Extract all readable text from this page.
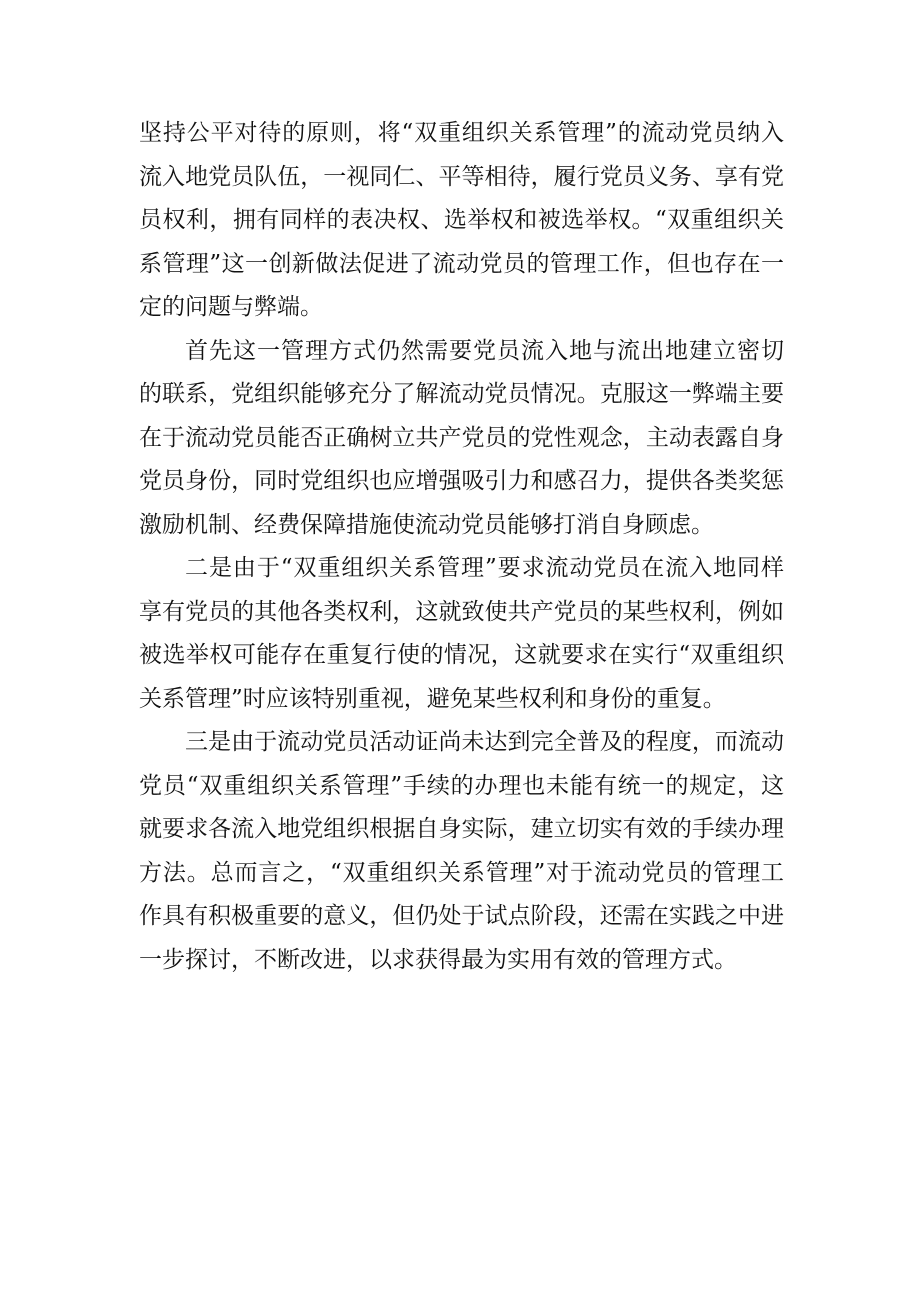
坚持公平对待的原则，将“双重组织关系管理”的流动党员纳入
流入地党员队伍，一视同仁、平等相待，履行党员义务、享有党
员权利，拥有同样的表决权、选举权和被选举权。“双重组织关
系管理”这一创新做法促进了流动党员的管理工作，但也存在一
定的问题与弊端。

首先这一管理方式仍然需要党员流入地与流出地建立密切
的联系，党组织能够充分了解流动党员情况。克服这一弊端主要
在于流动党员能否正确树立共产党员的党性观念，主动表露自身
党员身份，同时党组织也应增强吸引力和感召力，提供各类奖惩
激励机制、经费保障措施使流动党员能够打消自身顾虑。

二是由于“双重组织关系管理”要求流动党员在流入地同样
享有党员的其他各类权利，这就致使共产党员的某些权利，例如
被选举权可能存在重复行使的情况，这就要求在实行“双重组织
关系管理”时应该特别重视，避免某些权利和身份的重复。

三是由于流动党员活动证尚未达到完全普及的程度，而流动
党员“双重组织关系管理”手续的办理也未能有统一的规定，这
就要求各流入地党组织根据自身实际，建立切实有效的手续办理
方法。总而言之，“双重组织关系管理”对于流动党员的管理工
作具有积极重要的意义，但仍处于试点阶段，还需在实践之中进
一步探讨，不断改进，以求获得最为实用有效的管理方式。
